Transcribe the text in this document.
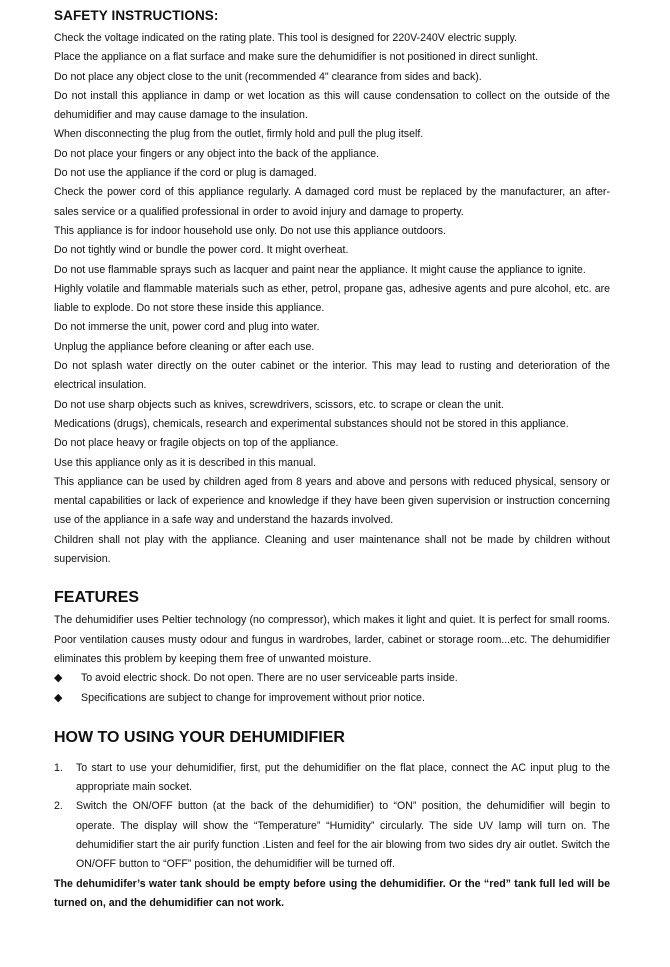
SAFETY INSTRUCTIONS:

Check the voltage indicated on the rating plate. This tool is designed for 220V-240V electric supply.

Place the appliance on a flat surface and make sure the dehumidifier is not positioned in direct sunlight.

Do not place any object close to the unit (recommended 4" clearance from sides and back).

Do not install this appliance in damp or wet location as this will cause condensation to collect on the outside of the dehumidifier and may cause damage to the insulation.

When disconnecting the plug from the outlet, firmly hold and pull the plug itself.

Do not place your fingers or any object into the back of the appliance.

Do not use the appliance if the cord or plug is damaged.

Check the power cord of this appliance regularly. A damaged cord must be replaced by the manufacturer, an after-sales service or a qualified professional in order to avoid injury and damage to property.

This appliance is for indoor household use only. Do not use this appliance outdoors.

Do not tightly wind or bundle the power cord. It might overheat.

Do not use flammable sprays such as lacquer and paint near the appliance. It might cause the appliance to ignite.

Highly volatile and flammable materials such as ether, petrol, propane gas, adhesive agents and pure alcohol, etc. are liable to explode. Do not store these inside this appliance.

Do not immerse the unit, power cord and plug into water.

Unplug the appliance before cleaning or after each use.

Do not splash water directly on the outer cabinet or the interior. This may lead to rusting and deterioration of the electrical insulation.

Do not use sharp objects such as knives, screwdrivers, scissors, etc. to scrape or clean the unit.

Medications (drugs), chemicals, research and experimental substances should not be stored in this appliance.

Do not place heavy or fragile objects on top of the appliance.

Use this appliance only as it is described in this manual.

This appliance can be used by children aged from 8 years and above and persons with reduced physical, sensory or mental capabilities or lack of experience and knowledge if they have been given supervision or instruction concerning use of the appliance in a safe way and understand the hazards involved.

Children shall not play with the appliance. Cleaning and user maintenance shall not be made by children without supervision.

FEATURES

The dehumidifier uses Peltier technology (no compressor), which makes it light and quiet. It is perfect for small rooms. Poor ventilation causes musty odour and fungus in wardrobes, larder, cabinet or storage room...etc. The dehumidifier eliminates this problem by keeping them free of unwanted moisture.

◆	To avoid electric shock. Do not open. There are no user serviceable parts inside.
◆	Specifications are subject to change for improvement without prior notice.
HOW TO USING YOUR DEHUMIDIFIER
1.	To start to use your dehumidifier, first, put the dehumidifier on the flat place, connect the AC input plug to the appropriate main socket.
2.	Switch the ON/OFF button (at the back of the dehumidifier) to “ON” position, the dehumidifier will begin to operate. The display will show the “Temperature” “Humidity” circularly. The side UV lamp will turn on. The dehumidifier start the air purify function .Listen and feel for the air blowing from two sides dry air outlet. Switch the ON/OFF button to “OFF” position, the dehumidifier will be turned off.

The dehumidifer’s water tank should be empty before using the dehumidifier. Or the “red” tank full led will be turned on, and the dehumidifier can not work.
